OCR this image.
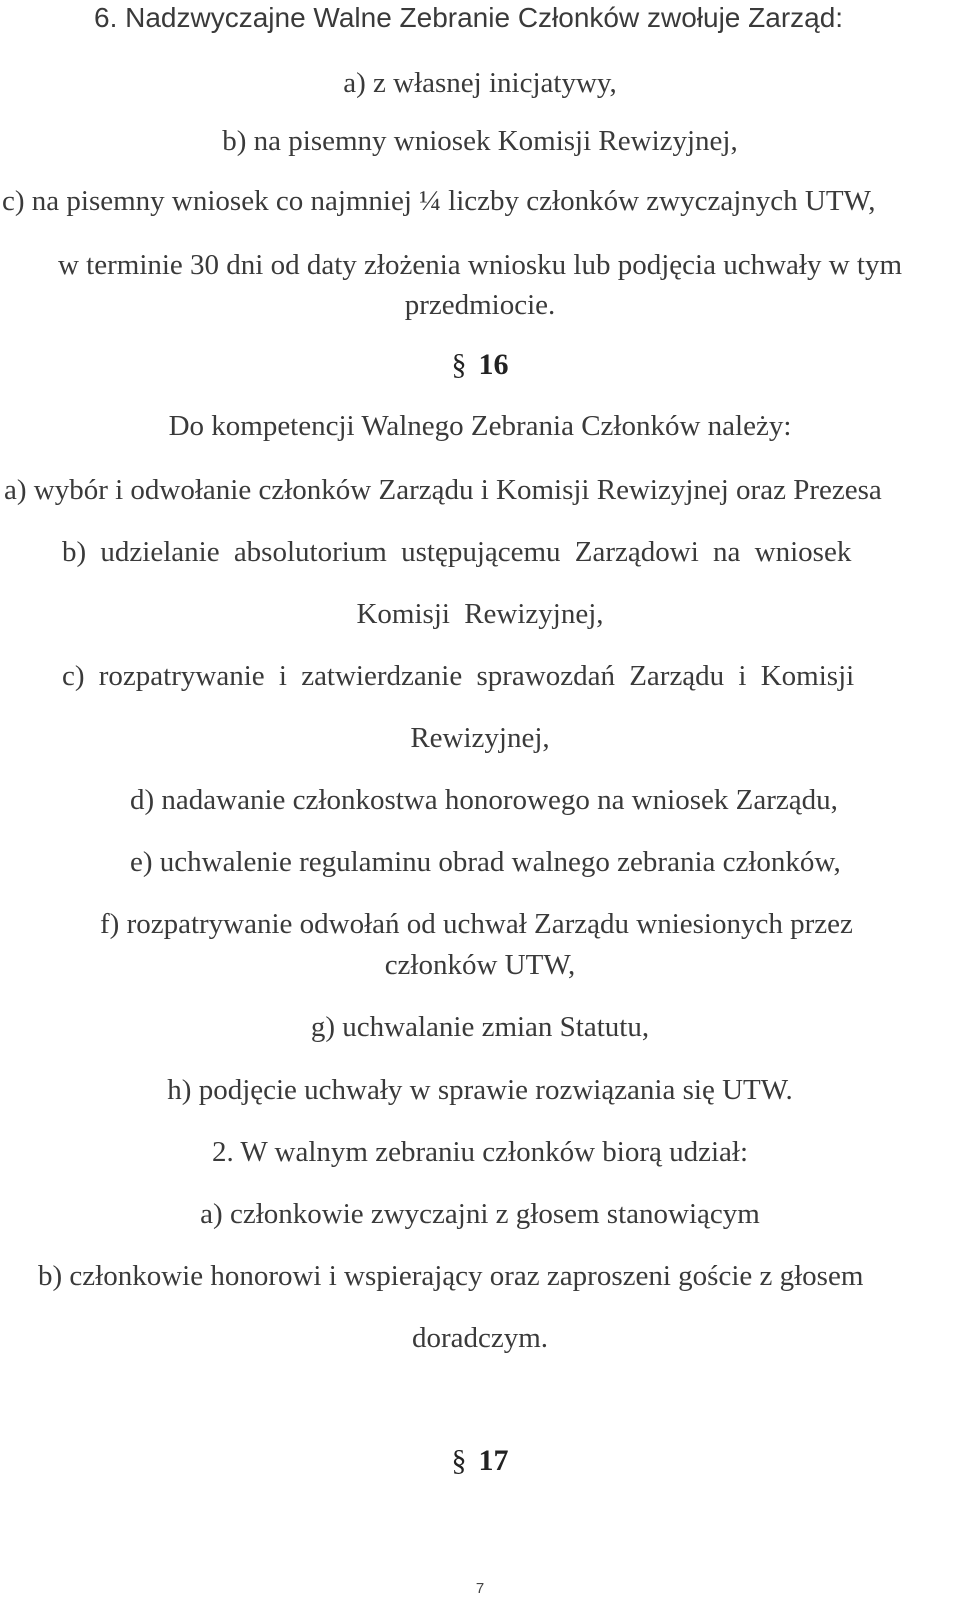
6. Nadzwyczajne Walne Zebranie Członków zwołuje Zarząd:
a) z własnej inicjatywy,
b) na pisemny wniosek Komisji Rewizyjnej,
c) na pisemny wniosek co najmniej ¼ liczby członków zwyczajnych UTW,
w terminie 30 dni od daty złożenia wniosku lub podjęcia uchwały w tym
przedmiocie.
§ 16
Do kompetencji Walnego Zebrania Członków należy:
a) wybór i odwołanie członków Zarządu i Komisji Rewizyjnej oraz Prezesa
b) udzielanie absolutorium ustępującemu Zarządowi na wniosek
Komisji Rewizyjnej,
c) rozpatrywanie i zatwierdzanie sprawozdań Zarządu i Komisji
Rewizyjnej,
d) nadawanie członkostwa honorowego na wniosek Zarządu,
e) uchwalenie regulaminu obrad walnego zebrania członków,
f) rozpatrywanie odwołań od uchwał Zarządu wniesionych przez
członków UTW,
g) uchwalanie zmian Statutu,
h) podjęcie uchwały w sprawie rozwiązania się UTW.
2. W walnym zebraniu członków biorą udział:
a) członkowie zwyczajni z głosem stanowiącym
b) członkowie honorowi i wspierający oraz zaproszeni goście z głosem
doradczym.
§ 17
7
